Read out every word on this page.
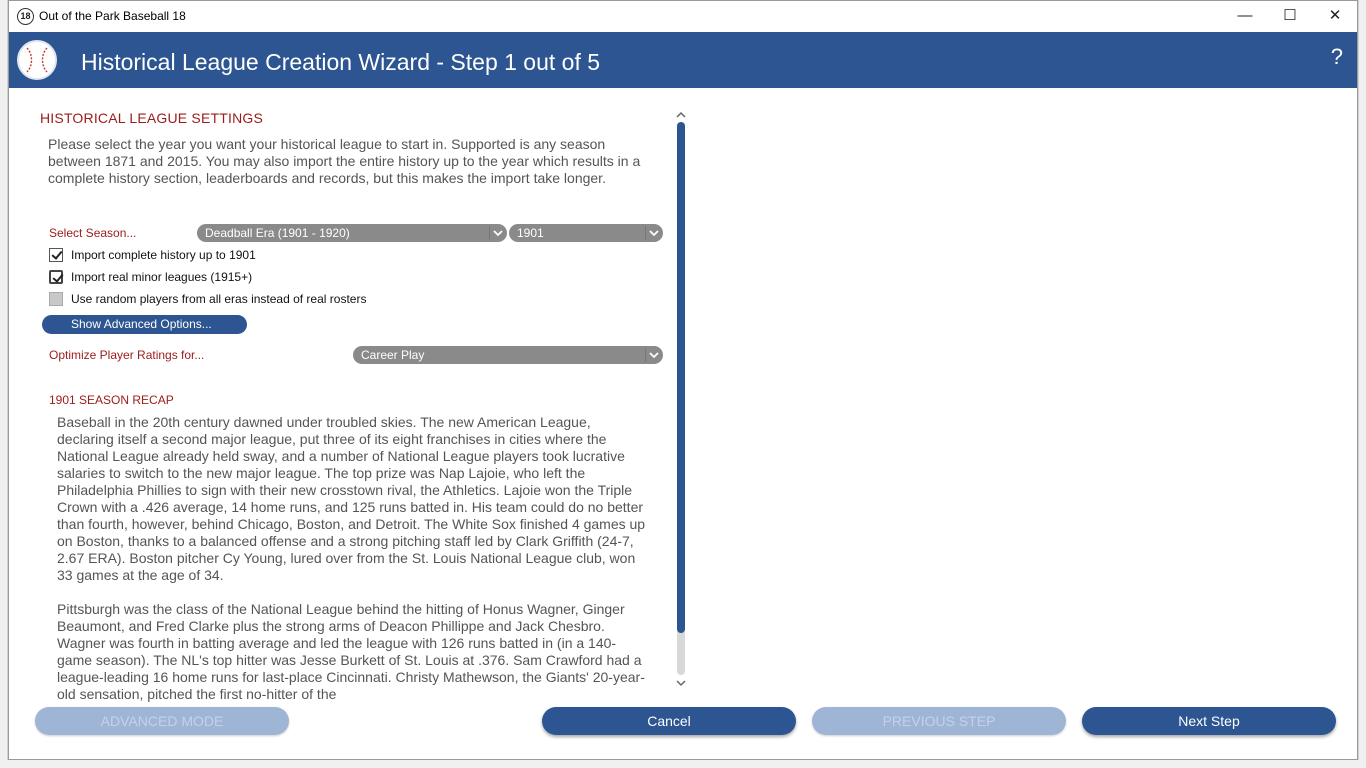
18 Out of the Park Baseball 18	—	☐	✕
Historical League Creation Wizard - Step 1 out of 5	?
HISTORICAL LEAGUE SETTINGS
Please select the year you want your historical league to start in. Supported is any season between 1871 and 2015. You may also import the entire history up to the year which results in a complete history section, leaderboards and records, but this makes the import take longer.
Select Season...	Deadball Era (1901 - 1920)	1901
Import complete history up to 1901
Import real minor leagues (1915+)
Use random players from all eras instead of real rosters
Show Advanced Options...
Optimize Player Ratings for...	Career Play
1901 SEASON RECAP

Baseball in the 20th century dawned under troubled skies. The new American League, declaring itself a second major league, put three of its eight franchises in cities where the National League already held sway, and a number of National League players took lucrative salaries to switch to the new major league. The top prize was Nap Lajoie, who left the Philadelphia Phillies to sign with their new crosstown rival, the Athletics. Lajoie won the Triple Crown with a .426 average, 14 home runs, and 125 runs batted in. His team could do no better than fourth, however, behind Chicago, Boston, and Detroit. The White Sox finished 4 games up on Boston, thanks to a balanced offense and a strong pitching staff led by Clark Griffith (24-7, 2.67 ERA). Boston pitcher Cy Young, lured over from the St. Louis National League club, won 33 games at the age of 34.

Pittsburgh was the class of the National League behind the hitting of Honus Wagner, Ginger Beaumont, and Fred Clarke plus the strong arms of Deacon Phillippe and Jack Chesbro. Wagner was fourth in batting average and led the league with 126 runs batted in (in a 140-game season). The NL's top hitter was Jesse Burkett of St. Louis at .376. Sam Crawford had a league-leading 16 home runs for last-place Cincinnati. Christy Mathewson, the Giants' 20-year-old sensation, pitched the first no-hitter of the

ADVANCED MODE	Cancel	PREVIOUS STEP	Next Step
